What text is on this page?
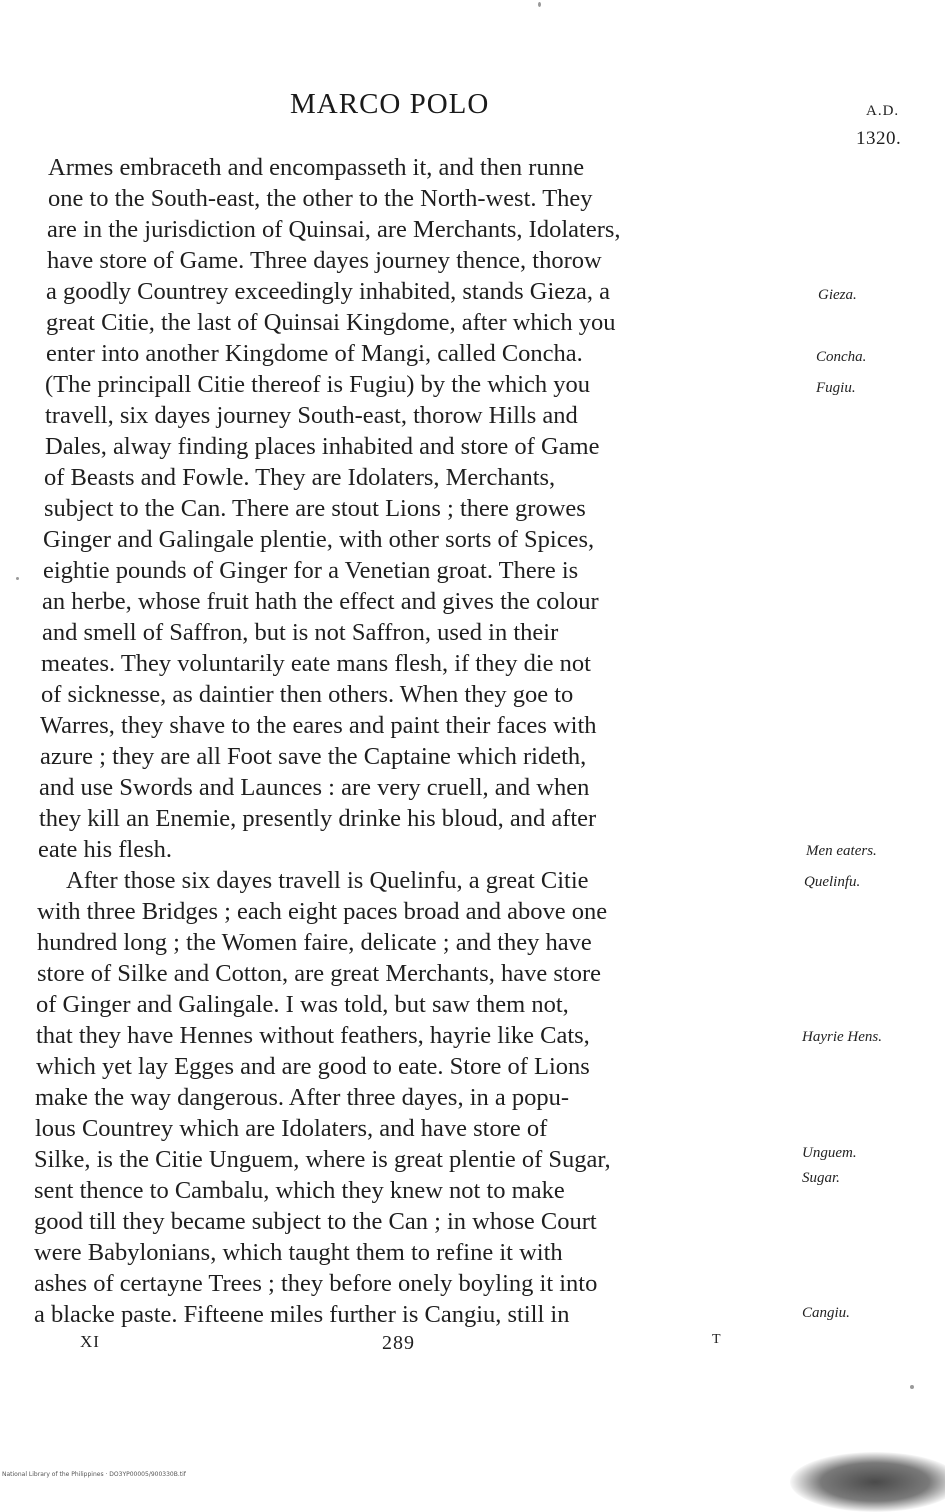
MARCO POLO	A.D.
1320.
Armes embraceth and encompasseth it, and then runne
one to the South-east, the other to the North-west. They
are in the jurisdiction of Quinsai, are Merchants, Idolaters,
have store of Game. Three dayes journey thence, thorow
a goodly Countrey exceedingly inhabited, stands Gieza, a
great Citie, the last of Quinsai Kingdome, after which you
enter into another Kingdome of Mangi, called Concha.
(The principall Citie thereof is Fugiu) by the which you
travell, six dayes journey South-east, thorow Hills and
Dales, alway finding places inhabited and store of Game
of Beasts and Fowle. They are Idolaters, Merchants,
subject to the Can. There are stout Lions ; there growes
Ginger and Galingale plentie, with other sorts of Spices,
eightie pounds of Ginger for a Venetian groat. There is
an herbe, whose fruit hath the effect and gives the colour
and smell of Saffron, but is not Saffron, used in their
meates. They voluntarily eate mans flesh, if they die not
of sicknesse, as daintier then others. When they goe to
Warres, they shave to the eares and paint their faces with
azure ; they are all Foot save the Captaine which rideth,
and use Swords and Launces : are very cruell, and when
they kill an Enemie, presently drinke his bloud, and after
eate his flesh.
After those six dayes travell is Quelinfu, a great Citie
with three Bridges ; each eight paces broad and above one
hundred long ; the Women faire, delicate ; and they have
store of Silke and Cotton, are great Merchants, have store
of Ginger and Galingale. I was told, but saw them not,
that they have Hennes without feathers, hayrie like Cats,
which yet lay Egges and are good to eate. Store of Lions
make the way dangerous. After three dayes, in a popu-
lous Countrey which are Idolaters, and have store of
Silke, is the Citie Unguem, where is great plentie of Sugar,
sent thence to Cambalu, which they knew not to make
good till they became subject to the Can ; in whose Court
were Babylonians, which taught them to refine it with
ashes of certayne Trees ; they before onely boyling it into
a blacke paste. Fifteene miles further is Cangiu, still in
Gieza.
Concha.
Fugiu.
Men eaters.
Quelinfu.
Hayrie Hens.
Unguem.
Sugar.
Cangiu.
XI	289	T
National Library of the Philippines · DO3YP00005/900330B.tif
